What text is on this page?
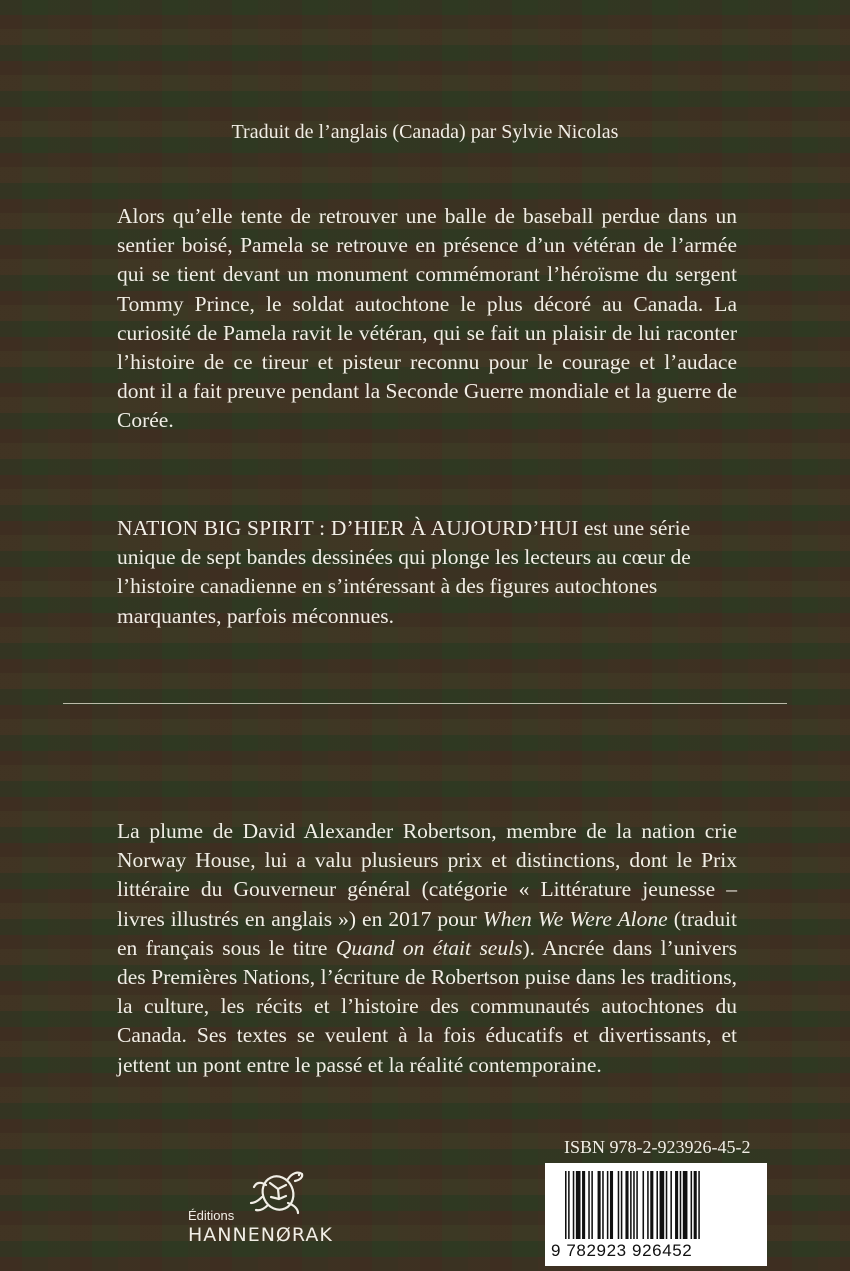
Traduit de l’anglais (Canada) par Sylvie Nicolas
Alors qu’elle tente de retrouver une balle de baseball perdue dans un sentier boisé, Pamela se retrouve en présence d’un vétéran de l’armée qui se tient devant un monument commémorant l’héroïsme du sergent Tommy Prince, le soldat autochtone le plus décoré au Canada. La curiosité de Pamela ravit le vétéran, qui se fait un plaisir de lui raconter l’histoire de ce tireur et pisteur reconnu pour le courage et l’audace dont il a fait preuve pendant la Seconde Guerre mondiale et la guerre de Corée.
NATION BIG SPIRIT : D’HIER À AUJOURD’HUI est une série unique de sept bandes dessinées qui plonge les lecteurs au cœur de l’histoire canadienne en s’intéressant à des figures autochtones marquantes, parfois méconnues.
La plume de David Alexander Robertson, membre de la nation crie Norway House, lui a valu plusieurs prix et distinctions, dont le Prix littéraire du Gouverneur général (catégorie « Littérature jeunesse – livres illustrés en anglais ») en 2017 pour When We Were Alone (traduit en français sous le titre Quand on était seuls). Ancrée dans l’univers des Premières Nations, l’écriture de Robertson puise dans les traditions, la culture, les récits et l’histoire des communautés autochtones du Canada. Ses textes se veulent à la fois éducatifs et divertissants, et jettent un pont entre le passé et la réalité contemporaine.
Éditions
HANNENØRAK
ISBN 978-2-923926-45-2
9 782923 926452
